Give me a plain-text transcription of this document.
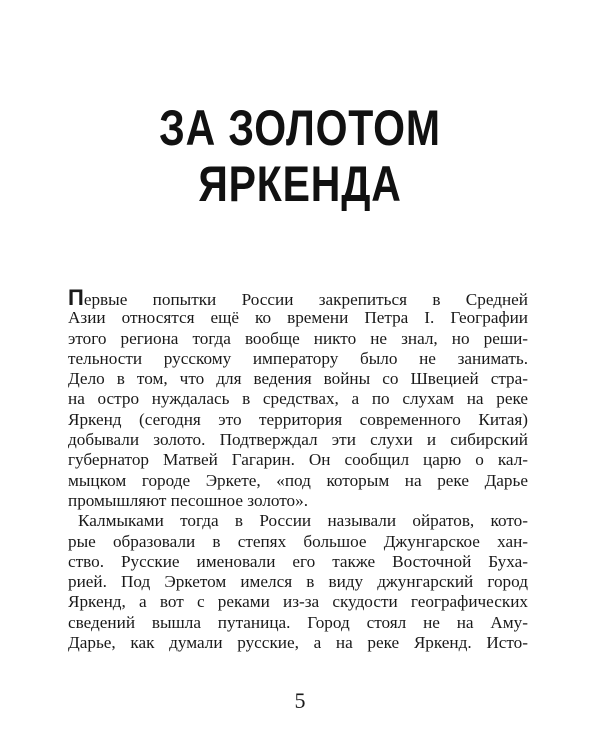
ЗА ЗОЛОТОМ
ЯРКЕНДА
Первые попытки России закрепиться в Средней
Азии относятся ещё ко времени Петра I. Географии
этого региона тогда вообще никто не знал, но реши-
тельности русскому императору было не занимать.
Дело в том, что для ведения войны со Швецией стра-
на остро нуждалась в средствах, а по слухам на реке
Яркенд (сегодня это территория современного Китая)
добывали золото. Подтверждал эти слухи и сибирский
губернатор Матвей Гагарин. Он сообщил царю о кал-
мыцком городе Эркете, «под которым на реке Дарье
промышляют песошное золото».
Калмыками тогда в России называли ойратов, кото-
рые образовали в степях большое Джунгарское хан-
ство. Русские именовали его также Восточной Буха-
рией. Под Эркетом имелся в виду джунгарский город
Яркенд, а вот с реками из-за скудости географических
сведений вышла путаница. Город стоял не на Аму-
Дарье, как думали русские, а на реке Яркенд. Исто-
5
